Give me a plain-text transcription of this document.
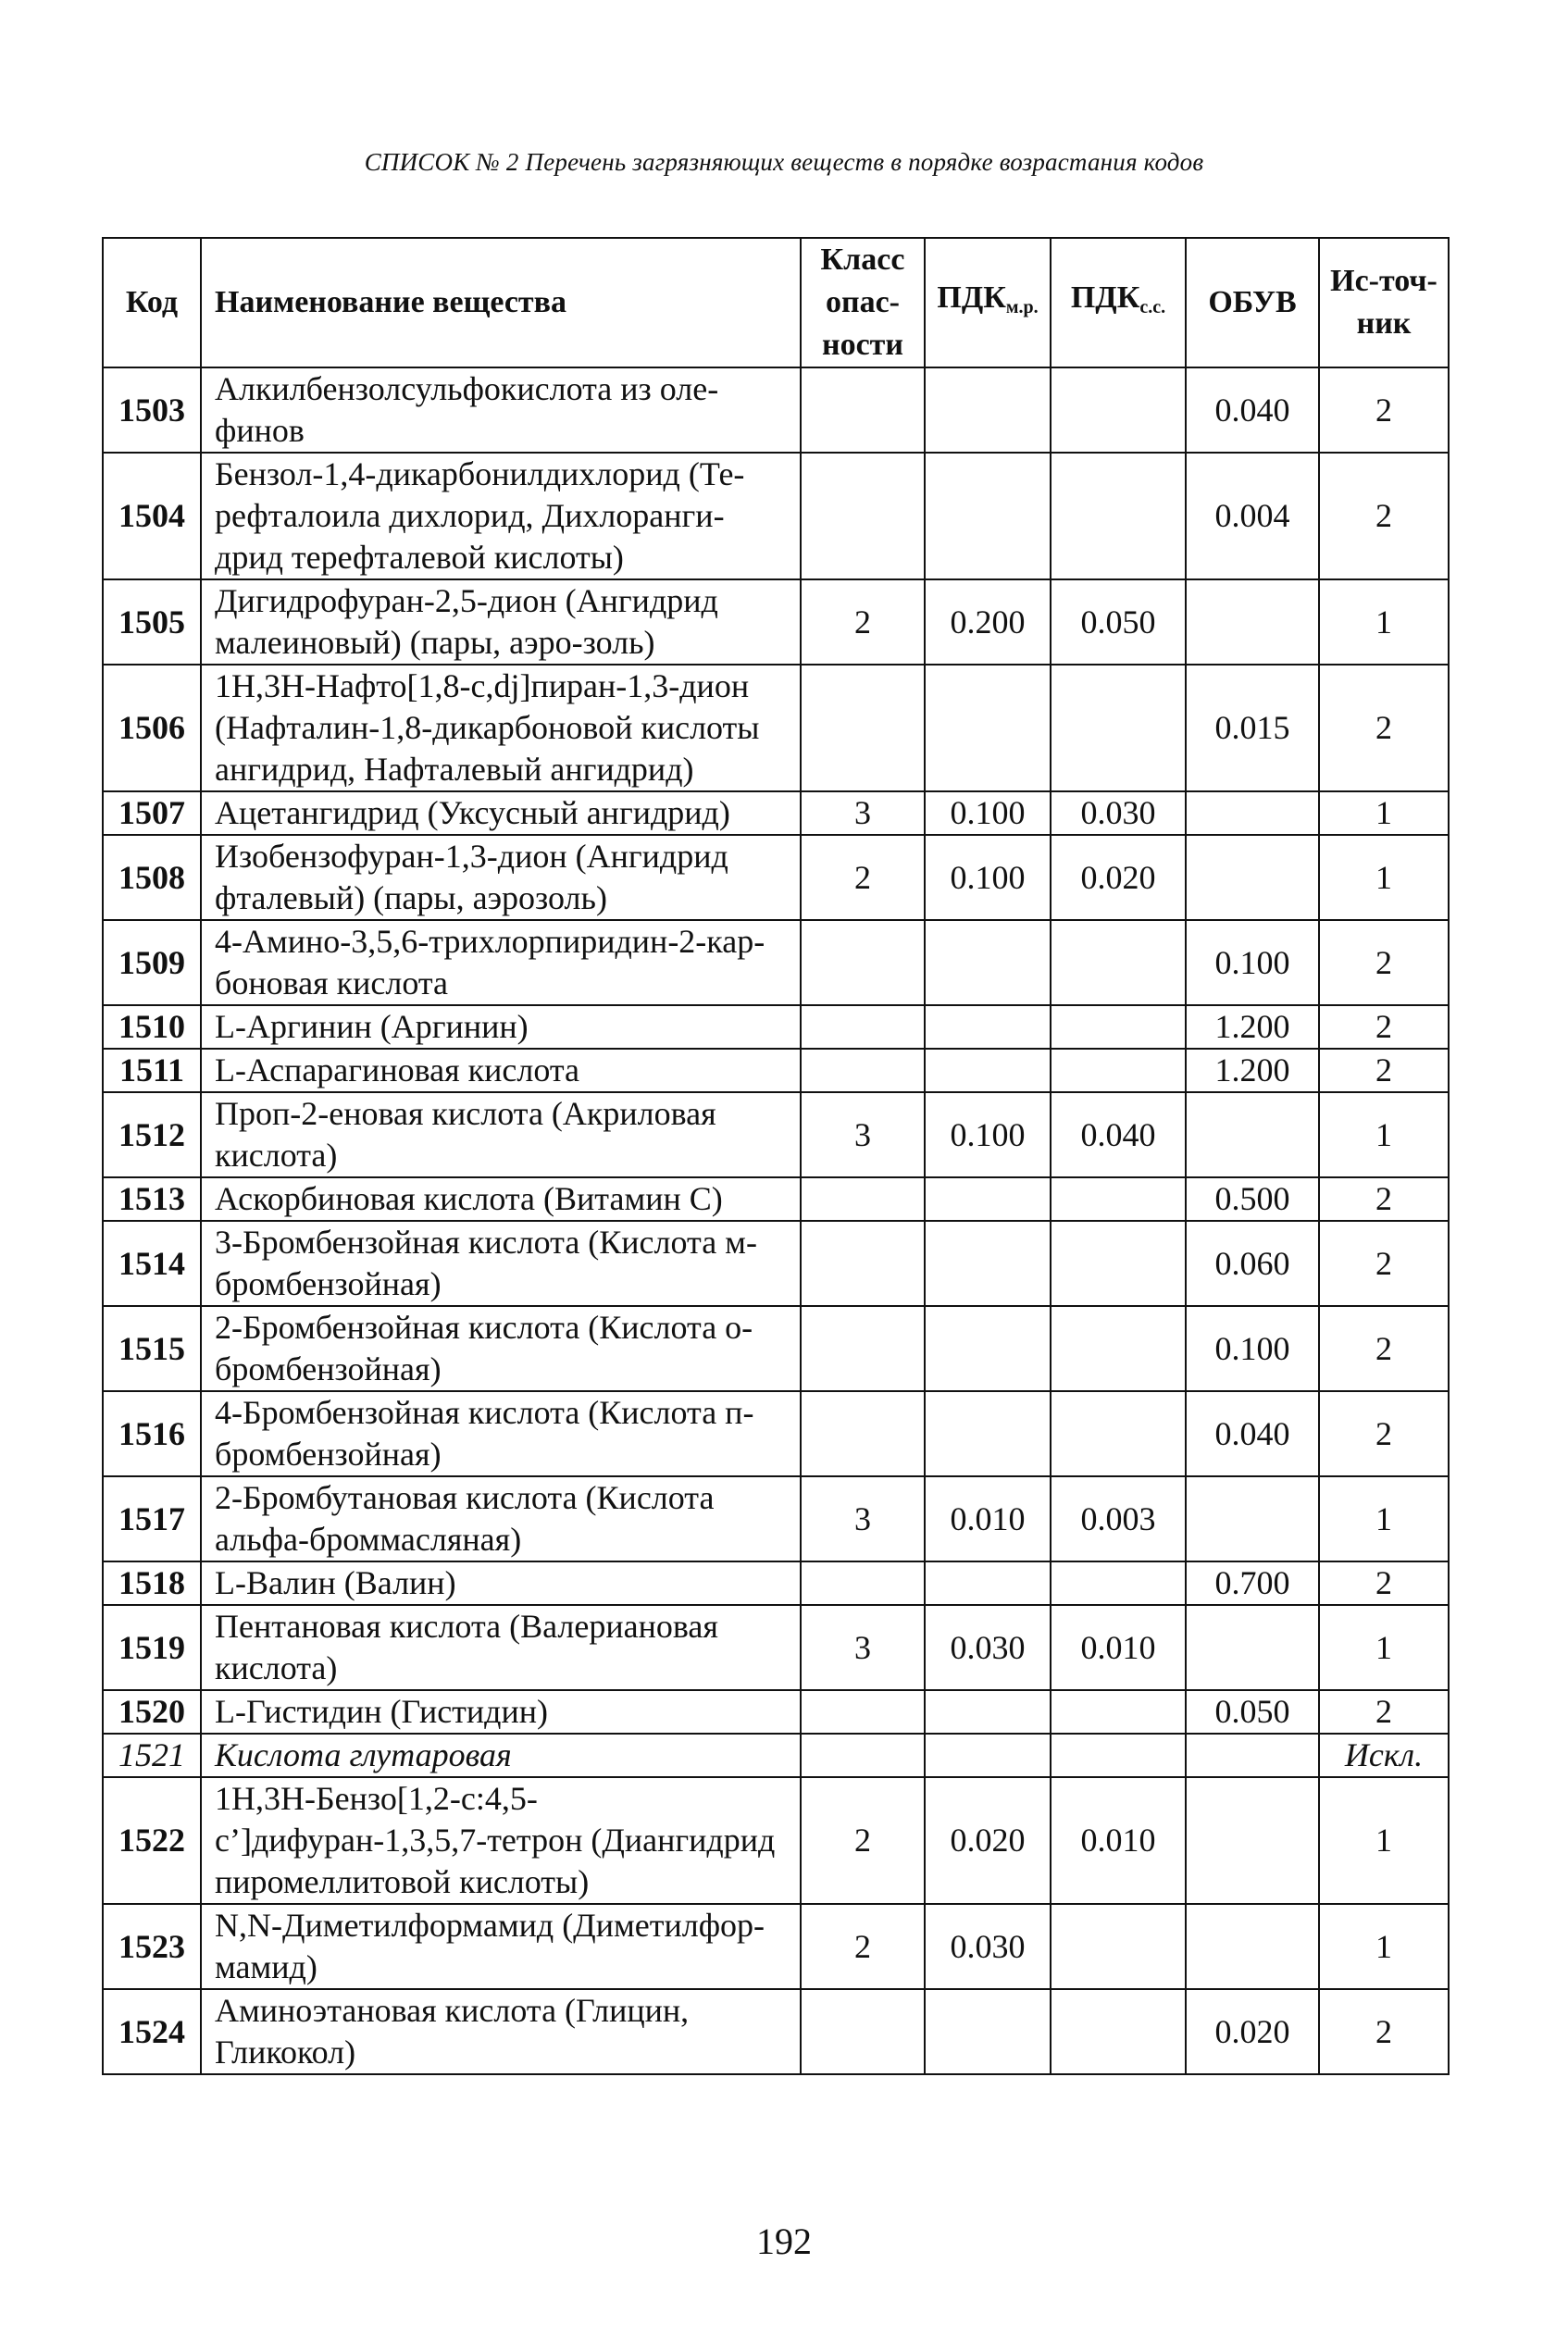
СПИСОК № 2 Перечень загрязняющих веществ в порядке возрастания кодов
Код	Наименование вещества	Класс опас-ности	$ПДК_{м.р.}$	$ПДК_{с.с.}$	ОБУВ	Ис-точ-ник
1503	Алкилбензолсульфокислота из оле-финов				0.040	2
1504	Бензол-1,4-дикарбонилдихлорид (Те-рефталоила дихлорид, Дихлоранги-дрид терефталевой кислоты)				0.004	2
1505	Дигидрофуран-2,5-дион (Ангидрид малеиновый) (пары, аэро-золь)	2	0.200	0.050		1
1506	1Н,3Н-Нафто[1,8-c,dj]пиран-1,3-дион (Нафталин-1,8-дикарбоновой кислоты ангидрид, Нафталевый ангидрид)				0.015	2
1507	Ацетангидрид (Уксусный ангидрид)	3	0.100	0.030		1
1508	Изобензофуран-1,3-дион (Ангидрид фталевый) (пары, аэрозоль)	2	0.100	0.020		1
1509	4-Амино-3,5,6-трихлорпиридин-2-кар-боновая кислота				0.100	2
1510	L-Аргинин (Аргинин)				1.200	2
1511	L-Аспарагиновая кислота				1.200	2
1512	Проп-2-еновая кислота (Акриловая кислота)	3	0.100	0.040		1
1513	Аскорбиновая кислота (Витамин С)				0.500	2
1514	3-Бромбензойная кислота (Кислота м-бромбензойная)				0.060	2
1515	2-Бромбензойная кислота (Кислота о-бромбензойная)				0.100	2
1516	4-Бромбензойная кислота (Кислота п-бромбензойная)				0.040	2
1517	2-Бромбутановая кислота (Кислота альфа-броммасляная)	3	0.010	0.003		1
1518	L-Валин (Валин)				0.700	2
1519	Пентановая кислота (Валериановая кислота)	3	0.030	0.010		1
1520	L-Гистидин (Гистидин)				0.050	2
1521	Кислота глутаровая					Искл.
1522	1Н,3Н-Бензо[1,2-с:4,5-с’]дифуран-1,3,5,7-тетрон (Диангидрид пиромеллитовой кислоты)	2	0.020	0.010		1
1523	N,N-Диметилформамид (Диметилфор-мамид)	2	0.030			1
1524	Аминоэтановая кислота (Глицин, Гликокол)				0.020	2
192
